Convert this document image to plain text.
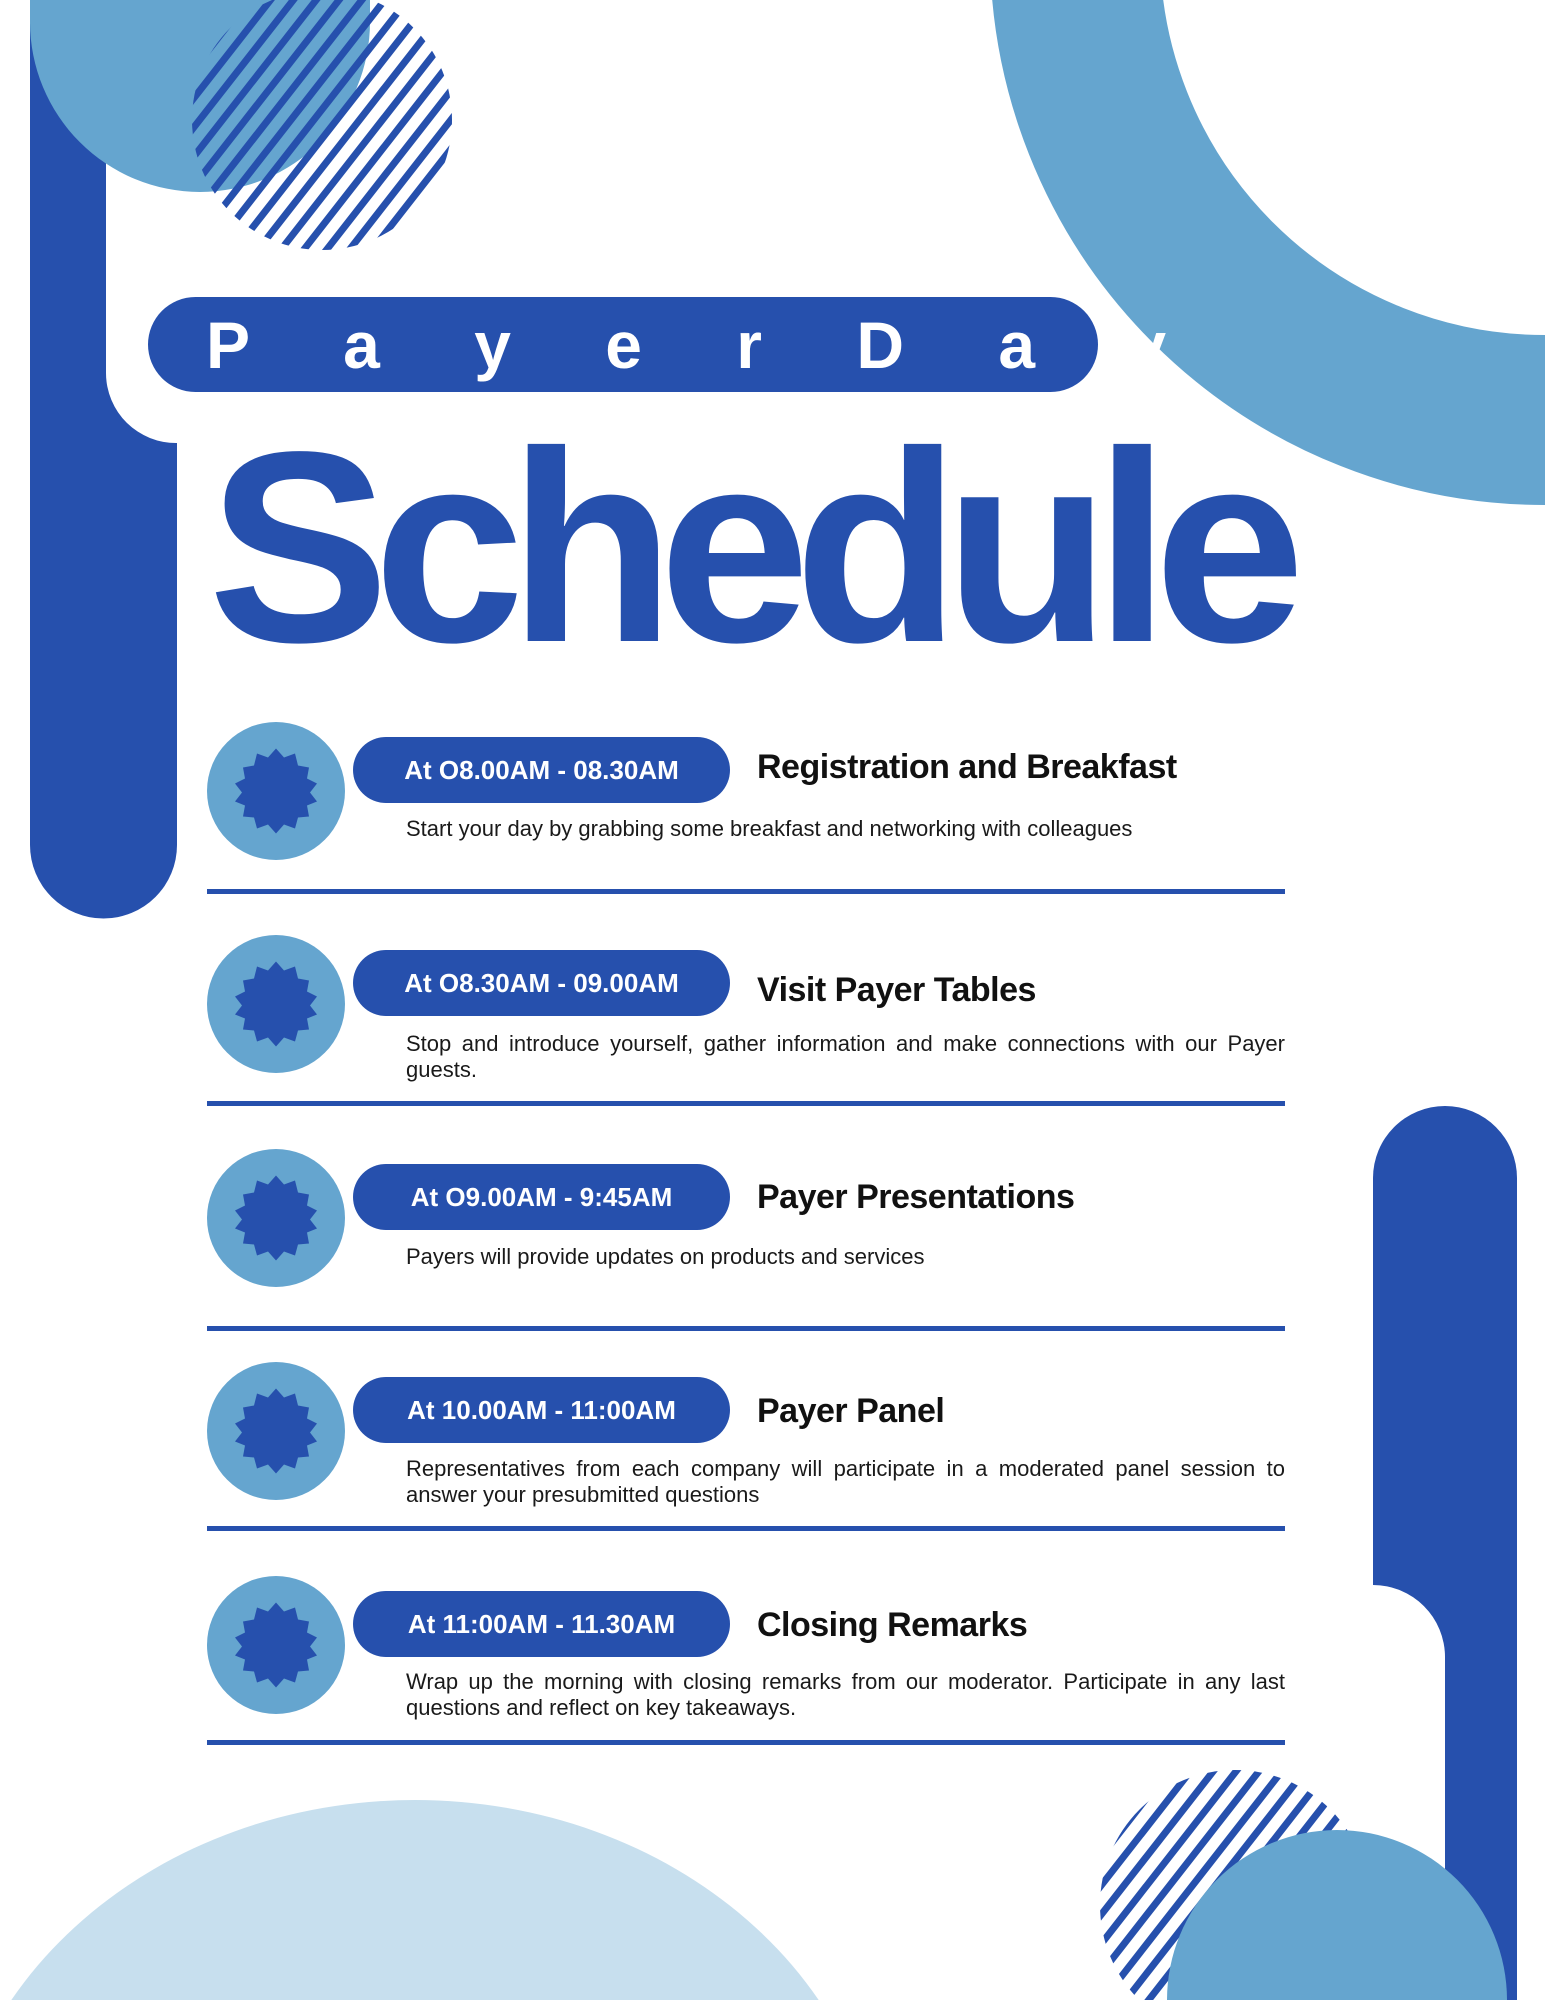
P a y e r D a y
Schedule
At O8.00AM - 08.30AM	Registration and Breakfast
Start your day by grabbing some breakfast and networking with colleagues
At O8.30AM - 09.00AM	Visit Payer Tables
Stop and introduce yourself, gather information and make connections with our Payer guests.
At O9.00AM - 9:45AM	Payer Presentations
Payers will provide updates on products and services
At 10.00AM - 11:00AM	Payer Panel
Representatives from each company will participate in a moderated panel session to answer your presubmitted questions
At 11:00AM - 11.30AM	Closing Remarks
Wrap up the morning with closing remarks from our moderator. Participate in any last questions and reflect on key takeaways.
